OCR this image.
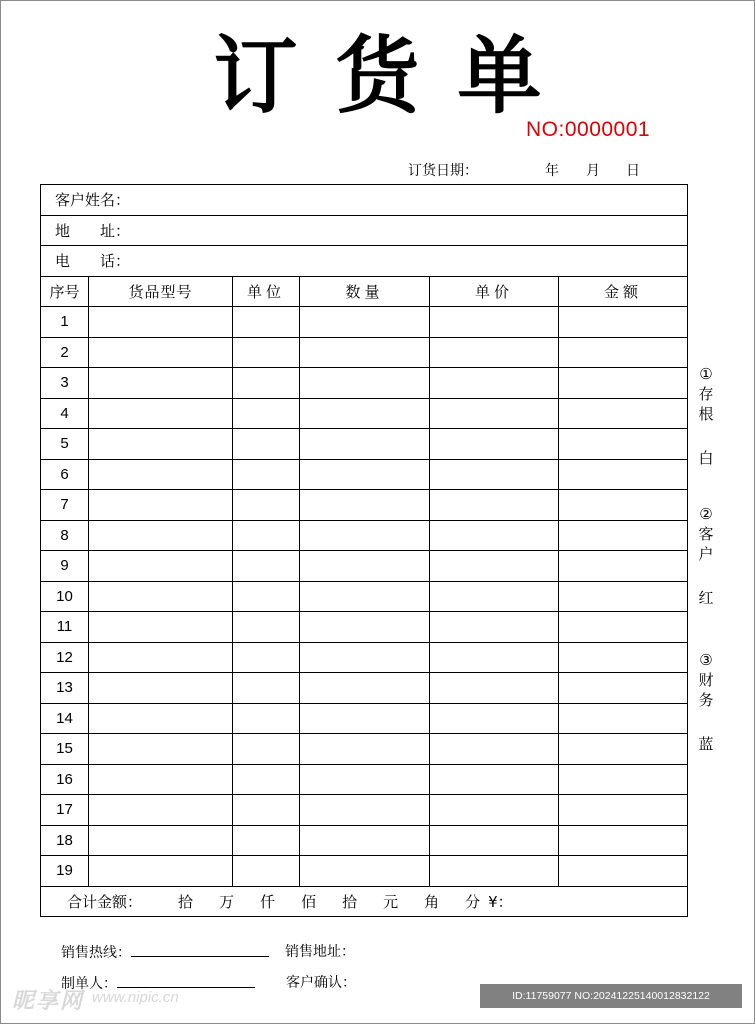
订货单
NO:0000001
订货日期：	年 月 日
客户姓名：					
地　　址：					
电　　话：					
序号	货品型号	单位	数量	单价	金额
1					
2					
3					
4					
5					
6					
7					
8					
9					
10					
11					
12					
13					
14					
15					
16					
17					
18					
19					
合计金额： 拾 万 仟 佰 拾 元 角 分 ¥：					
①
存
根
白
②
客
户
红
③
财
务
蓝
销售热线：	销售地址：
制单人：	客户确认：
昵享网 www.nipic.cn	ID:11759077 NO:20241225140012832122
